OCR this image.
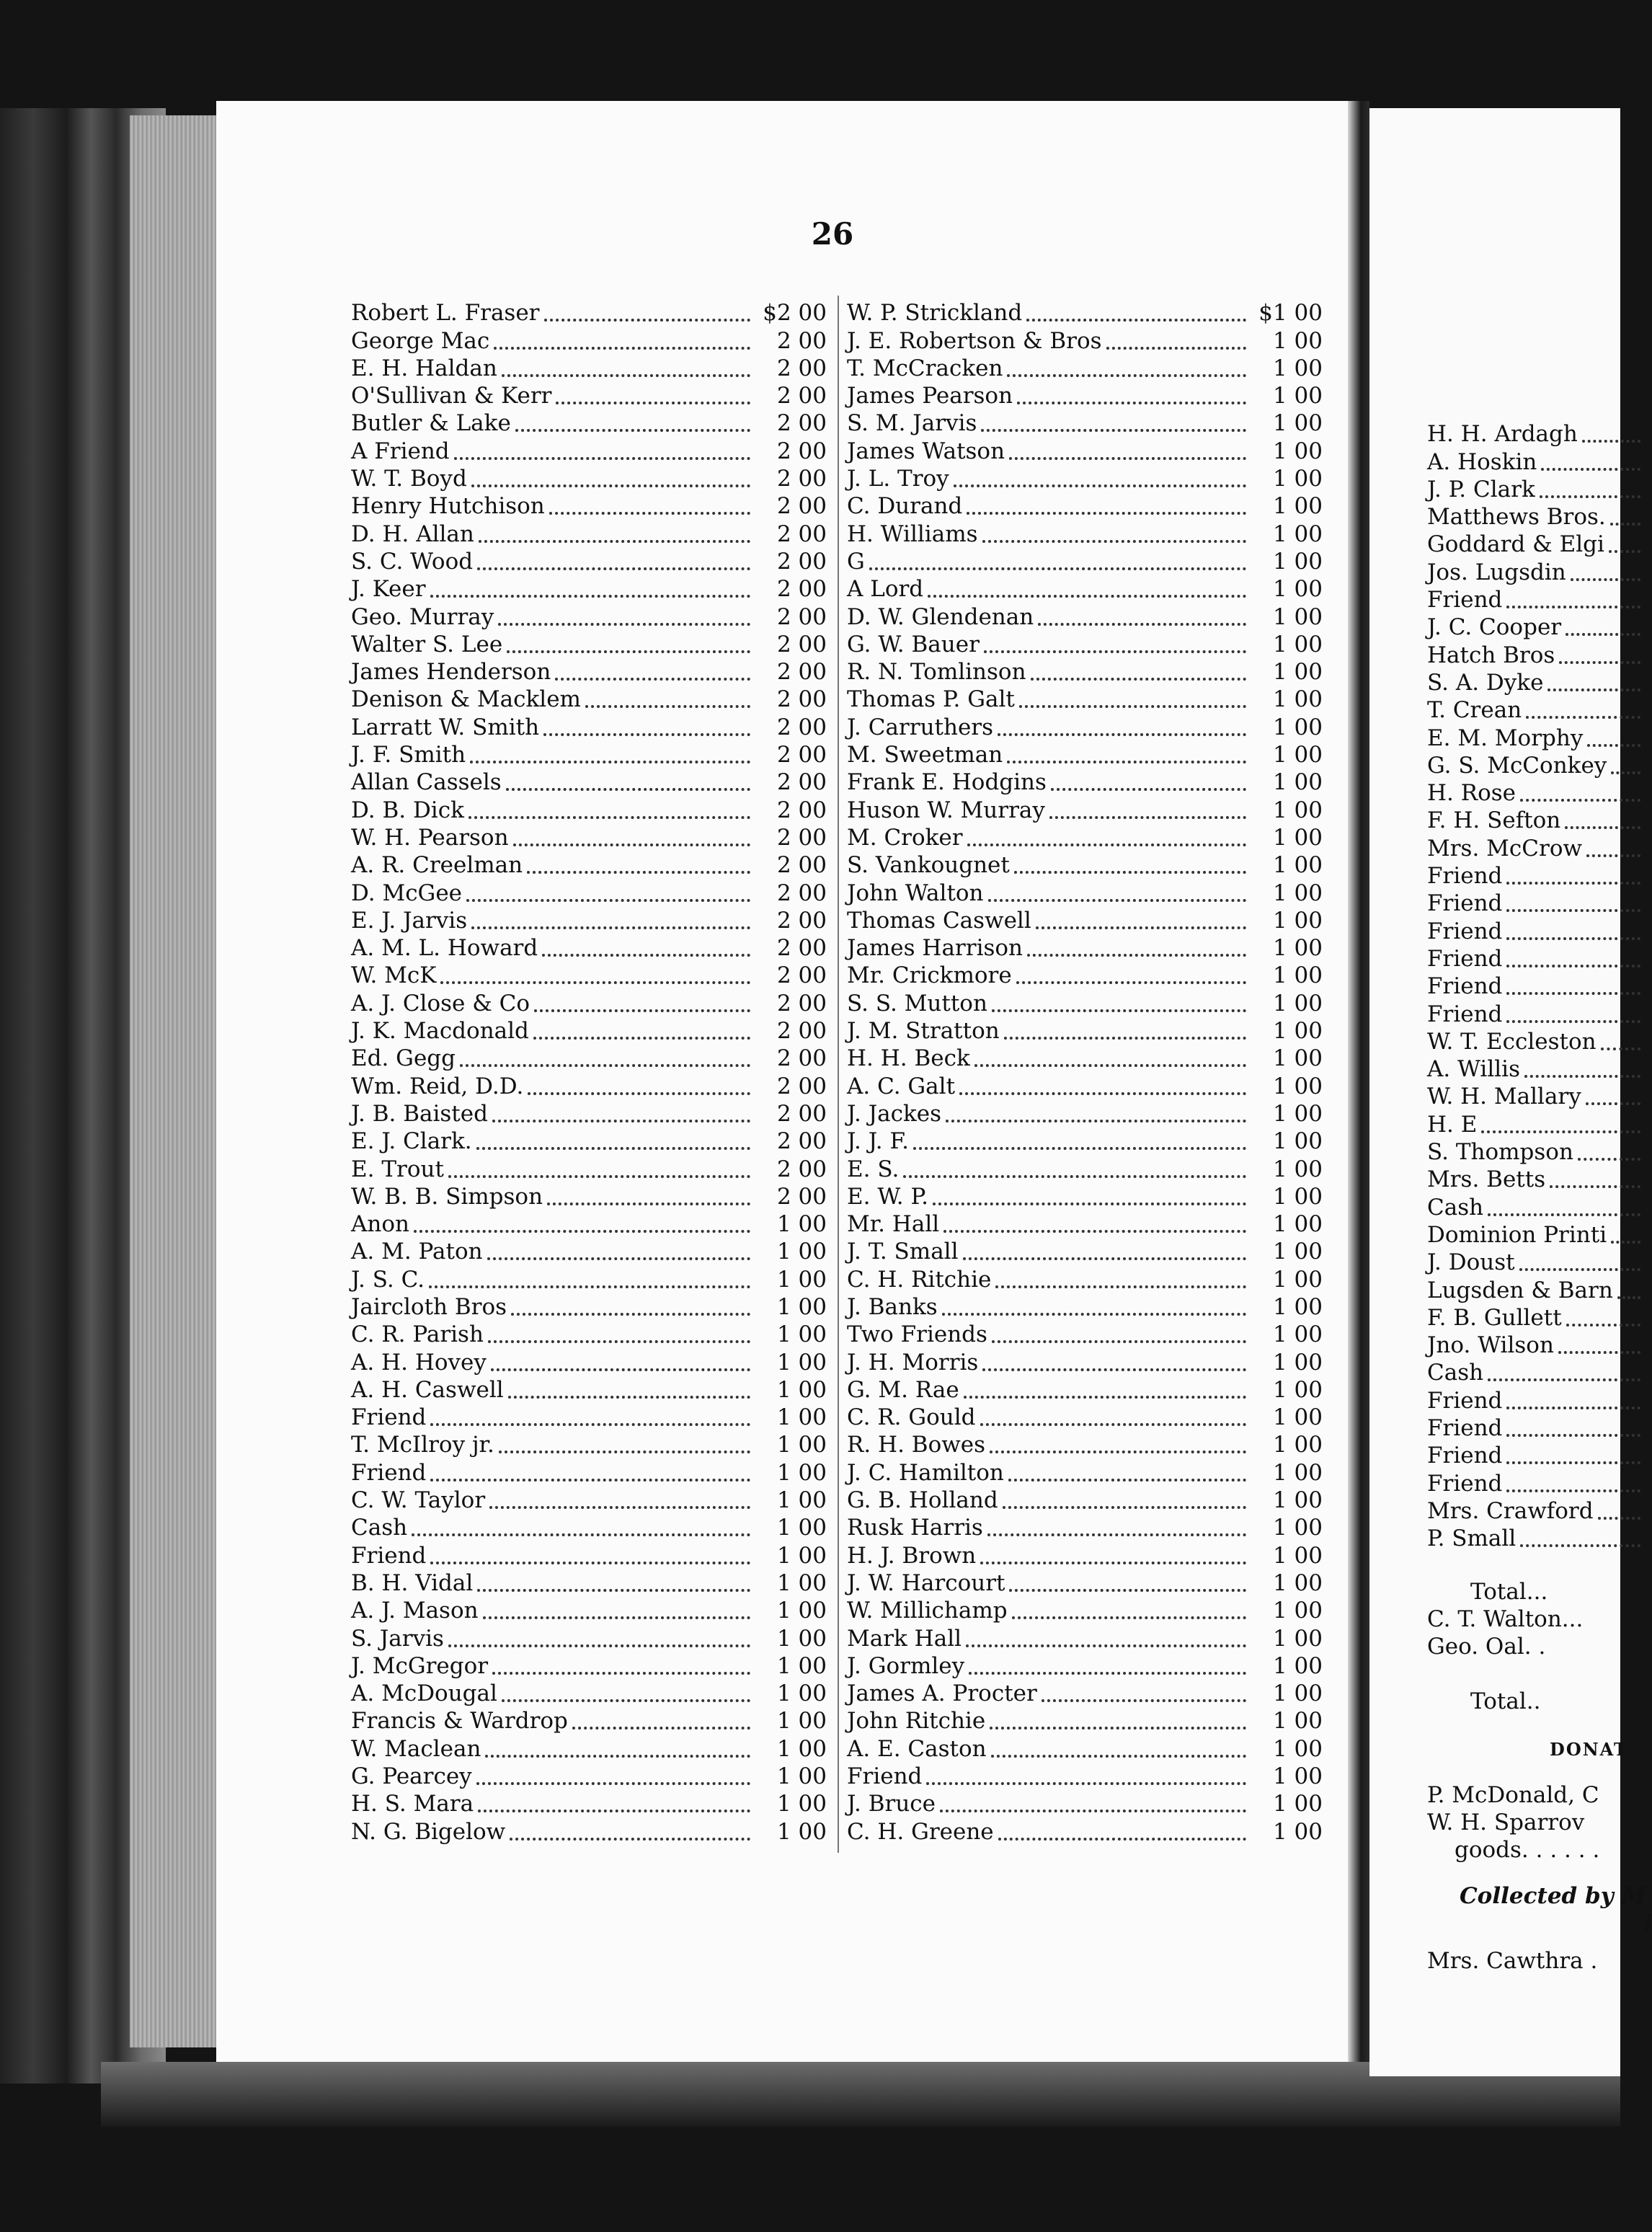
26
Robert L. Fraser	$2 00
George Mac	2 00
E. H. Haldan	2 00
O'Sullivan & Kerr	2 00
Butler & Lake	2 00
A Friend	2 00
W. T. Boyd	2 00
Henry Hutchison	2 00
D. H. Allan	2 00
S. C. Wood	2 00
J. Keer	2 00
Geo. Murray	2 00
Walter S. Lee	2 00
James Henderson	2 00
Denison & Macklem	2 00
Larratt W. Smith	2 00
J. F. Smith	2 00
Allan Cassels	2 00
D. B. Dick	2 00
W. H. Pearson	2 00
A. R. Creelman	2 00
D. McGee	2 00
E. J. Jarvis	2 00
A. M. L. Howard	2 00
W. McK	2 00
A. J. Close & Co	2 00
J. K. Macdonald	2 00
Ed. Gegg	2 00
Wm. Reid, D.D.	2 00
J. B. Baisted	2 00
E. J. Clark.	2 00
E. Trout	2 00
W. B. B. Simpson	2 00
Anon	1 00
A. M. Paton	1 00
J. S. C.	1 00
Jaircloth Bros	1 00
C. R. Parish	1 00
A. H. Hovey	1 00
A. H. Caswell	1 00
Friend	1 00
T. McIlroy jr.	1 00
Friend	1 00
C. W. Taylor	1 00
Cash	1 00
Friend	1 00
B. H. Vidal	1 00
A. J. Mason	1 00
S. Jarvis	1 00
J. McGregor	1 00
A. McDougal	1 00
Francis & Wardrop	1 00
W. Maclean	1 00
G. Pearcey	1 00
H. S. Mara	1 00
N. G. Bigelow	1 00
W. P. Strickland	$1 00
J. E. Robertson & Bros	1 00
T. McCracken	1 00
James Pearson	1 00
S. M. Jarvis	1 00
James Watson	1 00
J. L. Troy	1 00
C. Durand	1 00
H. Williams	1 00
G	1 00
A Lord	1 00
D. W. Glendenan	1 00
G. W. Bauer	1 00
R. N. Tomlinson	1 00
Thomas P. Galt	1 00
J. Carruthers	1 00
M. Sweetman	1 00
Frank E. Hodgins	1 00
Huson W. Murray	1 00
M. Croker	1 00
S. Vankougnet	1 00
John Walton	1 00
Thomas Caswell	1 00
James Harrison	1 00
Mr. Crickmore	1 00
S. S. Mutton	1 00
J. M. Stratton	1 00
H. H. Beck	1 00
A. C. Galt	1 00
J. Jackes	1 00
J. J. F.	1 00
E. S.	1 00
E. W. P.	1 00
Mr. Hall	1 00
J. T. Small	1 00
C. H. Ritchie	1 00
J. Banks	1 00
Two Friends	1 00
J. H. Morris	1 00
G. M. Rae	1 00
C. R. Gould	1 00
R. H. Bowes	1 00
J. C. Hamilton	1 00
G. B. Holland	1 00
Rusk Harris	1 00
H. J. Brown	1 00
J. W. Harcourt	1 00
W. Millichamp	1 00
Mark Hall	1 00
J. Gormley	1 00
James A. Procter	1 00
John Ritchie	1 00
A. E. Caston	1 00
Friend	1 00
J. Bruce	1 00
C. H. Greene	1 00
H. H. Ardagh
A. Hoskin
J. P. Clark
Matthews Bros.
Goddard & Elgi
Jos. Lugsdin
Friend
J. C. Cooper
Hatch Bros
S. A. Dyke
T. Crean
E. M. Morphy
G. S. McConkey
H. Rose
F. H. Sefton
Mrs. McCrow
Friend
Friend
Friend
Friend
Friend
Friend
W. T. Eccleston
A. Willis
W. H. Mallary
H. E
S. Thompson
Mrs. Betts
Cash
Dominion Printi
J. Doust
Lugsden & Barn
F. B. Gullett
Jno. Wilson
Cash
Friend
Friend
Friend
Friend
Mrs. Crawford
P. Small
Total...
C. T. Walton...
Geo. Oal. .
Total..
DONAT
P. McDonald, C
W. H. Sparrov
goods. . . . . .
Collected by M
I
Mrs. Cawthra .
